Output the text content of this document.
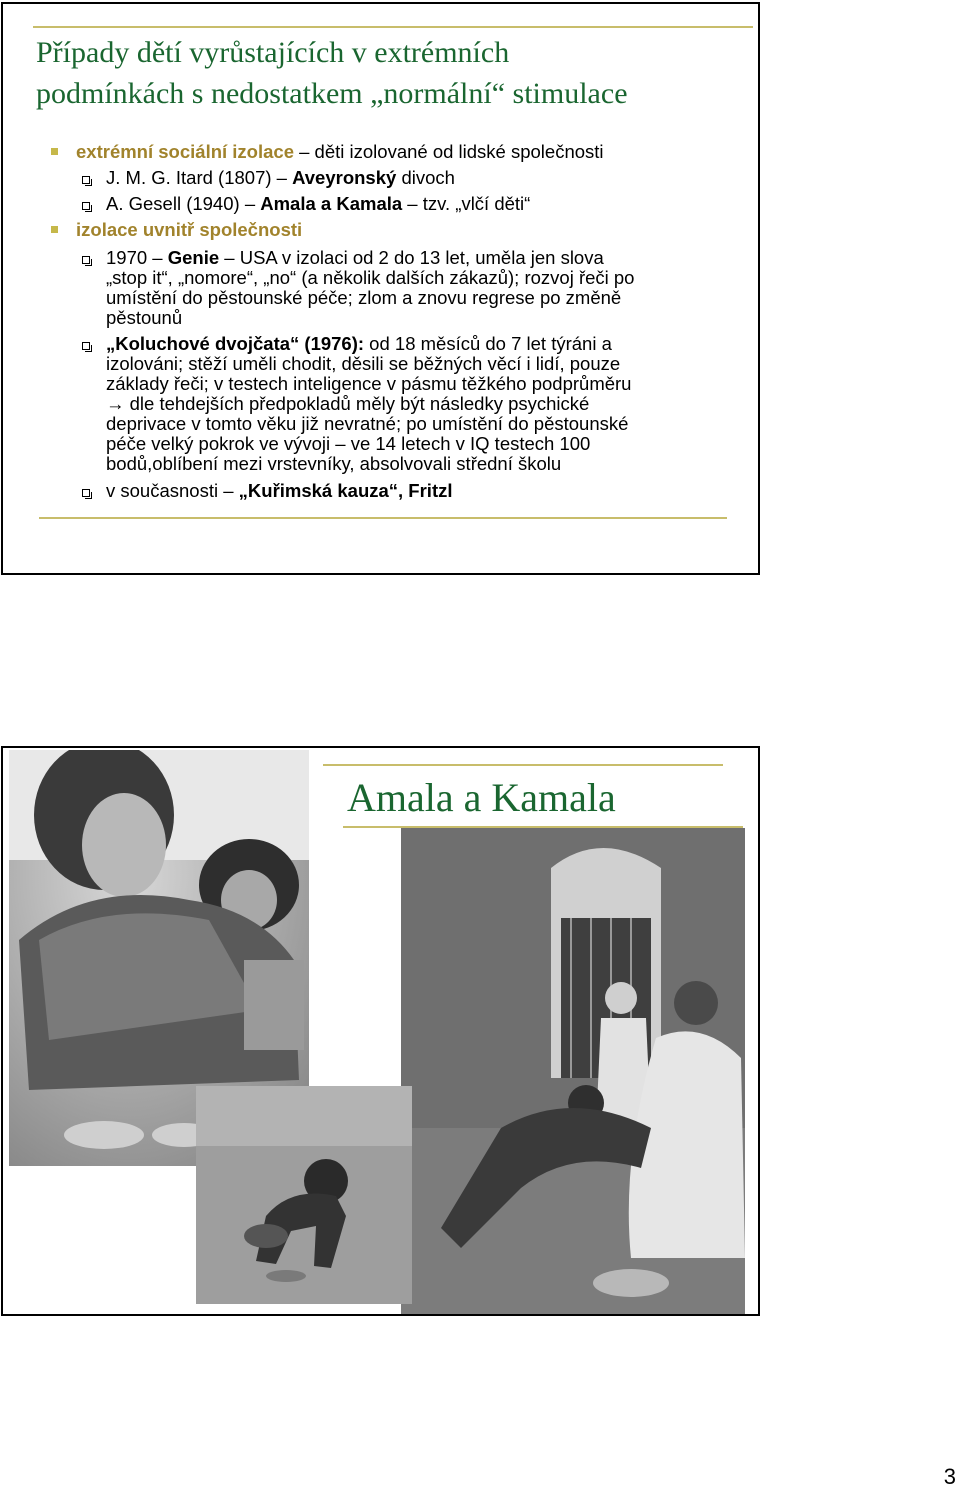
Případy dětí vyrůstajících v extrémních
podmínkách s nedostatkem „normální“ stimulace
extrémní sociální izolace – děti izolované od lidské společnosti
J. M. G. Itard (1807) – Aveyronský divoch
A. Gesell (1940) – Amala a Kamala – tzv. „vlčí děti“
izolace uvnitř společnosti
1970 – Genie – USA v izolaci od 2 do 13 let, uměla jen slova
„stop it“, „nomore“, „no“ (a několik dalších zákazů); rozvoj řeči po
umístění do pěstounské péče; zlom a znovu regrese po změně
pěstounů
„Koluchové dvojčata“ (1976): od 18 měsíců do 7 let týráni a
izolováni; stěží uměli chodit, děsili se běžných věcí i lidí, pouze
základy řeči; v testech inteligence v pásmu těžkého podprůměru
→ dle tehdejších předpokladů měly být následky psychické
deprivace v tomto věku již nevratné; po umístění do pěstounské
péče velký pokrok ve vývoji – ve 14 letech v IQ testech 100
bodů,oblíbení mezi vrstevníky, absolvovali střední školu
v současnosti – „Kuřimská kauza“, Fritzl
Amala a Kamala
3
